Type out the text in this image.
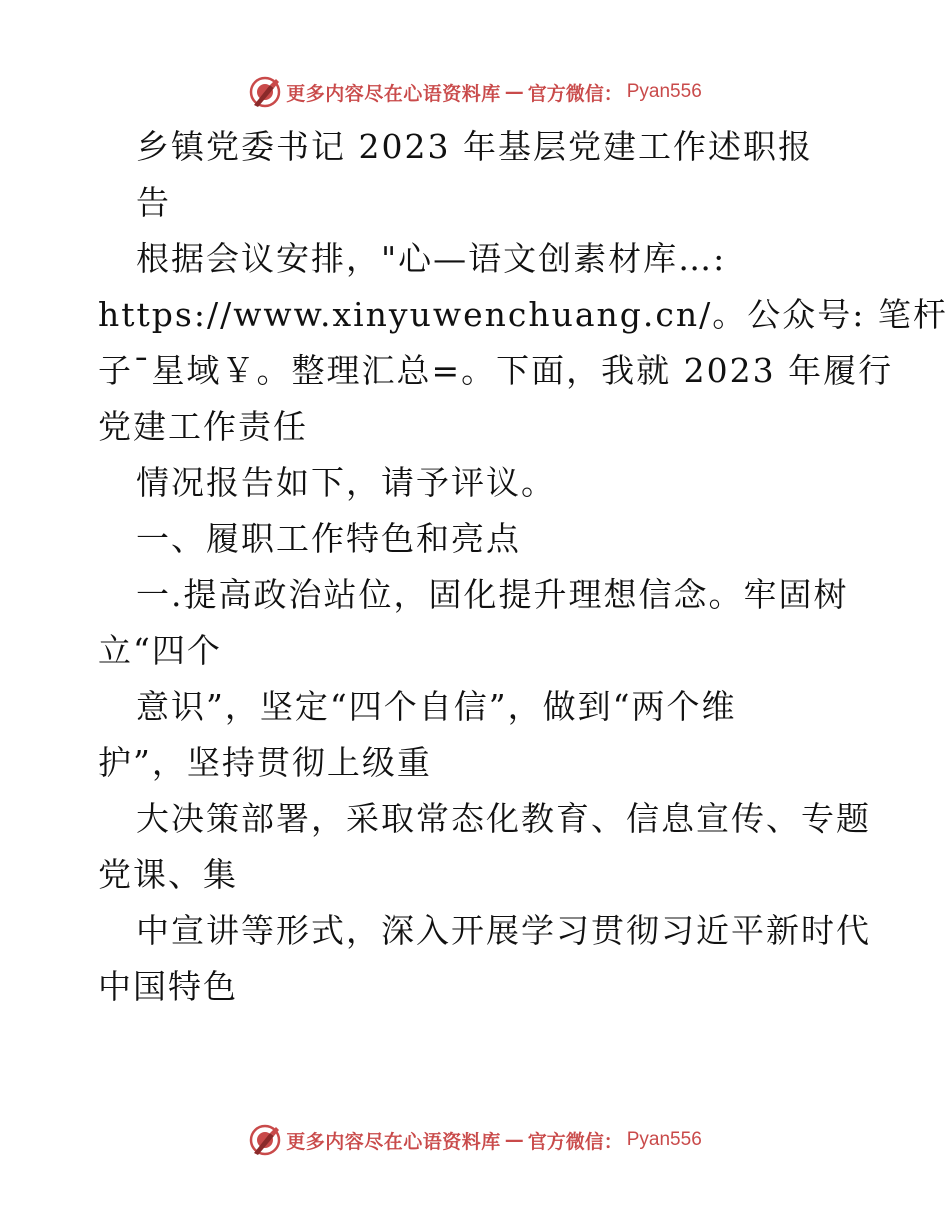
更多内容尽在心语资料库 — 官方微信： Pyan556
乡镇党委书记 2023 年基层党建工作述职报
告
根据会议安排，"心—语文创素材库…:
https://www.xinyuwenchuang.cn/。公众号: 笔杆
子¯星域￥。整理汇总=。下面，我就 2023 年履行
党建工作责任
情况报告如下，请予评议。
一、履职工作特色和亮点
一.提高政治站位，固化提升理想信念。牢固树
立“四个
意识”，坚定“四个自信”，做到“两个维
护”，坚持贯彻上级重
大决策部署，采取常态化教育、信息宣传、专题
党课、集
中宣讲等形式，深入开展学习贯彻习近平新时代
中国特色
更多内容尽在心语资料库 — 官方微信： Pyan556
